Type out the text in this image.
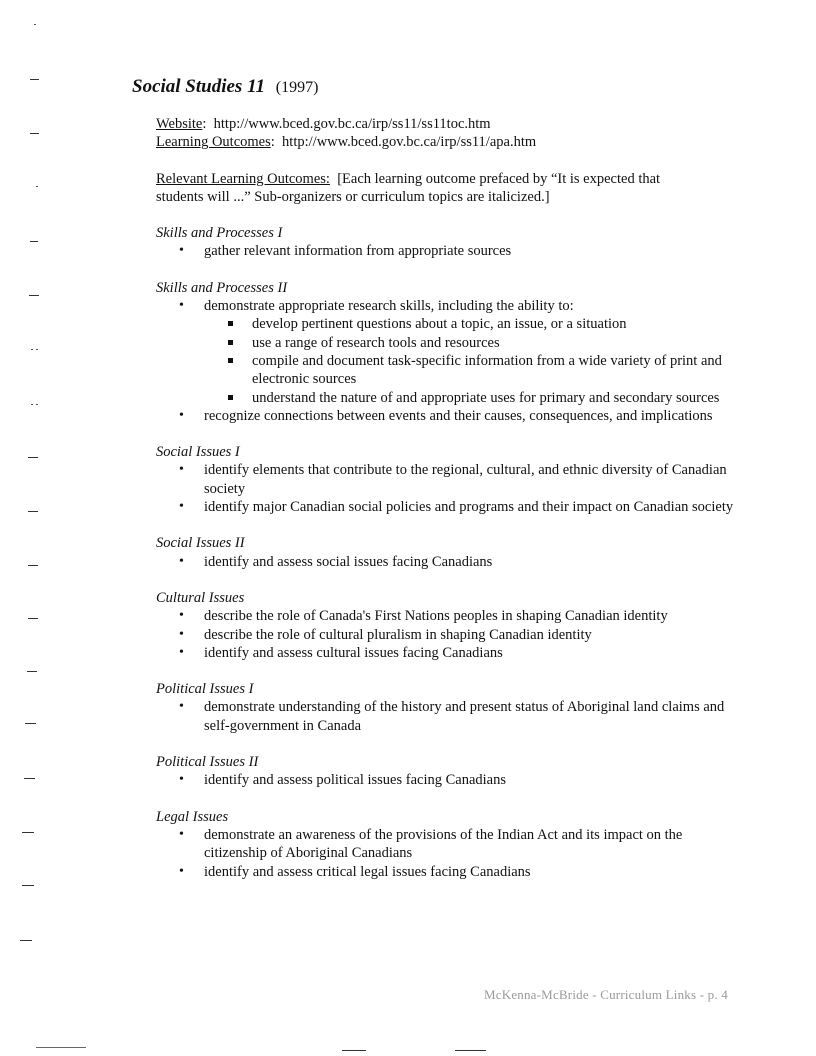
Social Studies 11 (1997)

Website:  http://www.bced.gov.bc.ca/irp/ss11/ss11toc.htm

Learning Outcomes:  http://www.bced.gov.bc.ca/irp/ss11/apa.htm

Relevant Learning Outcomes: [Each learning outcome prefaced by “It is expected that

students will ...” Sub-organizers or curriculum topics are italicized.]

Skills and Processes I

• gather relevant information from appropriate sources

Skills and Processes II

• demonstrate appropriate research skills, including the ability to:
develop pertinent questions about a topic, an issue, or a situation
use a range of research tools and resources
compile and document task-specific information from a wide variety of print and electronic sources
understand the nature of and appropriate uses for primary and secondary sources
• recognize connections between events and their causes, consequences, and implications

Social Issues I

• identify elements that contribute to the regional, cultural, and ethnic diversity of Canadian society
• identify major Canadian social policies and programs and their impact on Canadian society

Social Issues II

• identify and assess social issues facing Canadians

Cultural Issues

• describe the role of Canada's First Nations peoples in shaping Canadian identity
• describe the role of cultural pluralism in shaping Canadian identity
• identify and assess cultural issues facing Canadians

Political Issues I

• demonstrate understanding of the history and present status of Aboriginal land claims and self-government in Canada

Political Issues II

• identify and assess political issues facing Canadians

Legal Issues

• demonstrate an awareness of the provisions of the Indian Act and its impact on the citizenship of Aboriginal Canadians
• identify and assess critical legal issues facing Canadians
McKenna-McBride - Curriculum Links - p. 4
